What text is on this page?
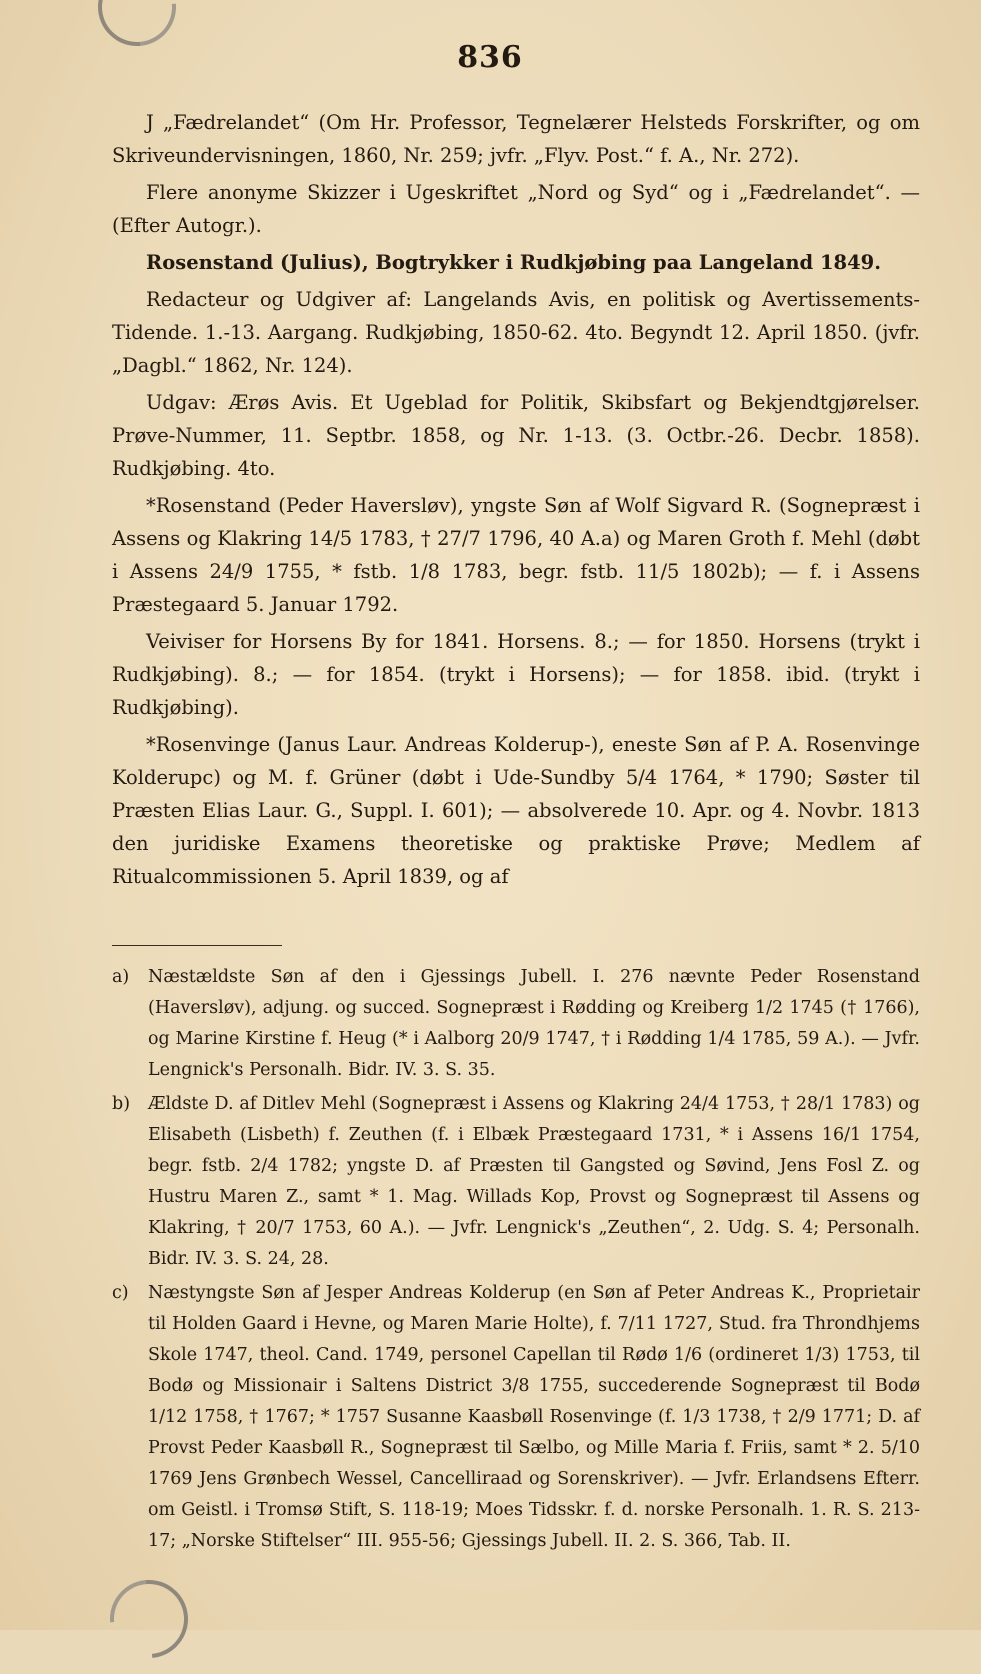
836

J „Fædrelandet“ (Om Hr. Professor, Tegnelærer Helsteds Forskrifter, og om Skriveundervisningen, 1860, Nr. 259; jvfr. „Flyv. Post.“ f. A., Nr. 272).

Flere anonyme Skizzer i Ugeskriftet „Nord og Syd“ og i „Fædrelandet“. — (Efter Autogr.).

Rosenstand (Julius), Bogtrykker i Rudkjøbing paa Langeland 1849.

Redacteur og Udgiver af: Langelands Avis, en politisk og Avertissements-Tidende. 1.-13. Aargang. Rudkjøbing, 1850-62. 4to. Begyndt 12. April 1850. (jvfr. „Dagbl.“ 1862, Nr. 124).

Udgav: Ærøs Avis. Et Ugeblad for Politik, Skibsfart og Bekjendtgjørelser. Prøve-Nummer, 11. Septbr. 1858, og Nr. 1-13. (3. Octbr.-26. Decbr. 1858). Rudkjøbing. 4to.

*Rosenstand (Peder Haversløv), yngste Søn af Wolf Sigvard R. (Sognepræst i Assens og Klakring 14/5 1783, † 27/7 1796, 40 A.a) og Maren Groth f. Mehl (døbt i Assens 24/9 1755, * fstb. 1/8 1783, begr. fstb. 11/5 1802b); — f. i Assens Præstegaard 5. Januar 1792.

Veiviser for Horsens By for 1841. Horsens. 8.; — for 1850. Horsens (trykt i Rudkjøbing). 8.; — for 1854. (trykt i Horsens); — for 1858. ibid. (trykt i Rudkjøbing).

*Rosenvinge (Janus Laur. Andreas Kolderup-), eneste Søn af P. A. Rosenvinge Kolderupc) og M. f. Grüner (døbt i Ude-Sundby 5/4 1764, * 1790; Søster til Præsten Elias Laur. G., Suppl. I. 601); — absolverede 10. Apr. og 4. Novbr. 1813 den juridiske Examens theoretiske og praktiske Prøve; Medlem af Ritualcommissionen 5. April 1839, og af

a) Næstældste Søn af den i Gjessings Jubell. I. 276 nævnte Peder Rosenstand (Haversløv), adjung. og succed. Sognepræst i Rødding og Kreiberg 1/2 1745 († 1766), og Marine Kirstine f. Heug (* i Aalborg 20/9 1747, † i Rødding 1/4 1785, 59 A.). — Jvfr. Lengnick's Personalh. Bidr. IV. 3. S. 35.
b) Ældste D. af Ditlev Mehl (Sognepræst i Assens og Klakring 24/4 1753, † 28/1 1783) og Elisabeth (Lisbeth) f. Zeuthen (f. i Elbæk Præstegaard 1731, * i Assens 16/1 1754, begr. fstb. 2/4 1782; yngste D. af Præsten til Gangsted og Søvind, Jens Fosl Z. og Hustru Maren Z., samt * 1. Mag. Willads Kop, Provst og Sognepræst til Assens og Klakring, † 20/7 1753, 60 A.). — Jvfr. Lengnick's „Zeuthen“, 2. Udg. S. 4; Personalh. Bidr. IV. 3. S. 24, 28.
c) Næstyngste Søn af Jesper Andreas Kolderup (en Søn af Peter Andreas K., Proprietair til Holden Gaard i Hevne, og Maren Marie Holte), f. 7/11 1727, Stud. fra Throndhjems Skole 1747, theol. Cand. 1749, personel Capellan til Rødø 1/6 (ordineret 1/3) 1753, til Bodø og Missionair i Saltens District 3/8 1755, succederende Sognepræst til Bodø 1/12 1758, † 1767; * 1757 Susanne Kaasbøll Rosenvinge (f. 1/3 1738, † 2/9 1771; D. af Provst Peder Kaasbøll R., Sognepræst til Sælbo, og Mille Maria f. Friis, samt * 2. 5/10 1769 Jens Grønbech Wessel, Cancelliraad og Sorenskriver). — Jvfr. Erlandsens Efterr. om Geistl. i Tromsø Stift, S. 118-19; Moes Tidsskr. f. d. norske Personalh. 1. R. S. 213-17; „Norske Stiftelser“ III. 955-56; Gjessings Jubell. II. 2. S. 366, Tab. II.
